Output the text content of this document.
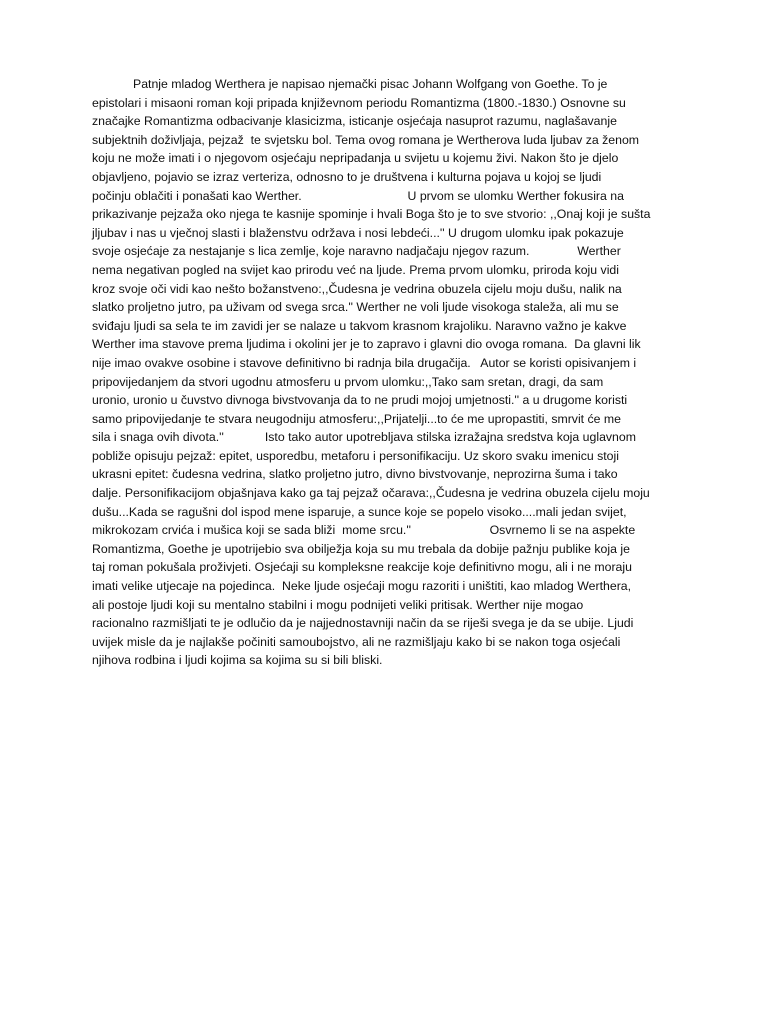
Patnje mladog Werthera je napisao njemački pisac Johann Wolfgang von Goethe. To je
epistolari i misaoni roman koji pripada književnom periodu Romantizma (1800.-1830.) Osnovne su
značajke Romantizma odbacivanje klasicizma, isticanje osjećaja nasuprot razumu, naglašavanje
subjektnih doživljaja, pejzaž  te svjetsku bol. Tema ovog romana je Wertherova luda ljubav za ženom
koju ne može imati i o njegovom osjećaju nepripadanja u svijetu u kojemu živi. Nakon što je djelo
objavljeno, pojavio se izraz verteriza, odnosno to je društvena i kulturna pojava u kojoj se ljudi
počinju oblačiti i ponašati kao Werther.                               U prvom se ulomku Werther fokusira na
prikazivanje pejzaža oko njega te kasnije spominje i hvali Boga što je to sve stvorio: ,,Onaj koji je sušta
jljubav i nas u vječnoj slasti i blaženstvu održava i nosi lebdeći...'' U drugom ulomku ipak pokazuje
svoje osjećaje za nestajanje s lica zemlje, koje naravno nadjačaju njegov razum.              Werther
nema negativan pogled na svijet kao prirodu već na ljude. Prema prvom ulomku, priroda koju vidi
kroz svoje oči vidi kao nešto božanstveno:,,Čudesna je vedrina obuzela cijelu moju dušu, nalik na
slatko proljetno jutro, pa uživam od svega srca.'' Werther ne voli ljude visokoga staleža, ali mu se
sviđaju ljudi sa sela te im zavidi jer se nalaze u takvom krasnom krajoliku. Naravno važno je kakve
Werther ima stavove prema ljudima i okolini jer je to zapravo i glavni dio ovoga romana.  Da glavni lik
nije imao ovakve osobine i stavove definitivno bi radnja bila drugačija.   Autor se koristi opisivanjem i
pripovijedanjem da stvori ugodnu atmosferu u prvom ulomku:,,Tako sam sretan, dragi, da sam
uronio, uronio u čuvstvo divnoga bivstvovanja da to ne prudi mojoj umjetnosti.'' a u drugome koristi
samo pripovijedanje te stvara neugodniju atmosferu:,,Prijatelji...to će me upropastiti, smrvit će me
sila i snaga ovih divota.''            Isto tako autor upotrebljava stilska izražajna sredstva koja uglavnom
pobliže opisuju pejzaž: epitet, usporedbu, metaforu i personifikaciju. Uz skoro svaku imenicu stoji
ukrasni epitet: čudesna vedrina, slatko proljetno jutro, divno bivstvovanje, neprozirna šuma i tako
dalje. Personifikacijom objašnjava kako ga taj pejzaž očarava:,,Čudesna je vedrina obuzela cijelu moju
dušu...Kada se ragušni dol ispod mene isparuje, a sunce koje se popelo visoko....mali jedan svijet,
mikrokozam crvića i mušica koji se sada bliži  mome srcu.''                       Osvrnemo li se na aspekte
Romantizma, Goethe je upotrijebio sva obilježja koja su mu trebala da dobije pažnju publike koja je
taj roman pokušala proživjeti. Osjećaji su kompleksne reakcije koje definitivno mogu, ali i ne moraju
imati velike utjecaje na pojedinca.  Neke ljude osjećaji mogu razoriti i uništiti, kao mladog Werthera,
ali postoje ljudi koji su mentalno stabilni i mogu podnijeti veliki pritisak. Werther nije mogao
racionalno razmišljati te je odlučio da je najjednostavniji način da se riješi svega je da se ubije. Ljudi
uvijek misle da je najlakše počiniti samoubojstvo, ali ne razmišljaju kako bi se nakon toga osjećali
njihova rodbina i ljudi kojima sa kojima su si bili bliski.
